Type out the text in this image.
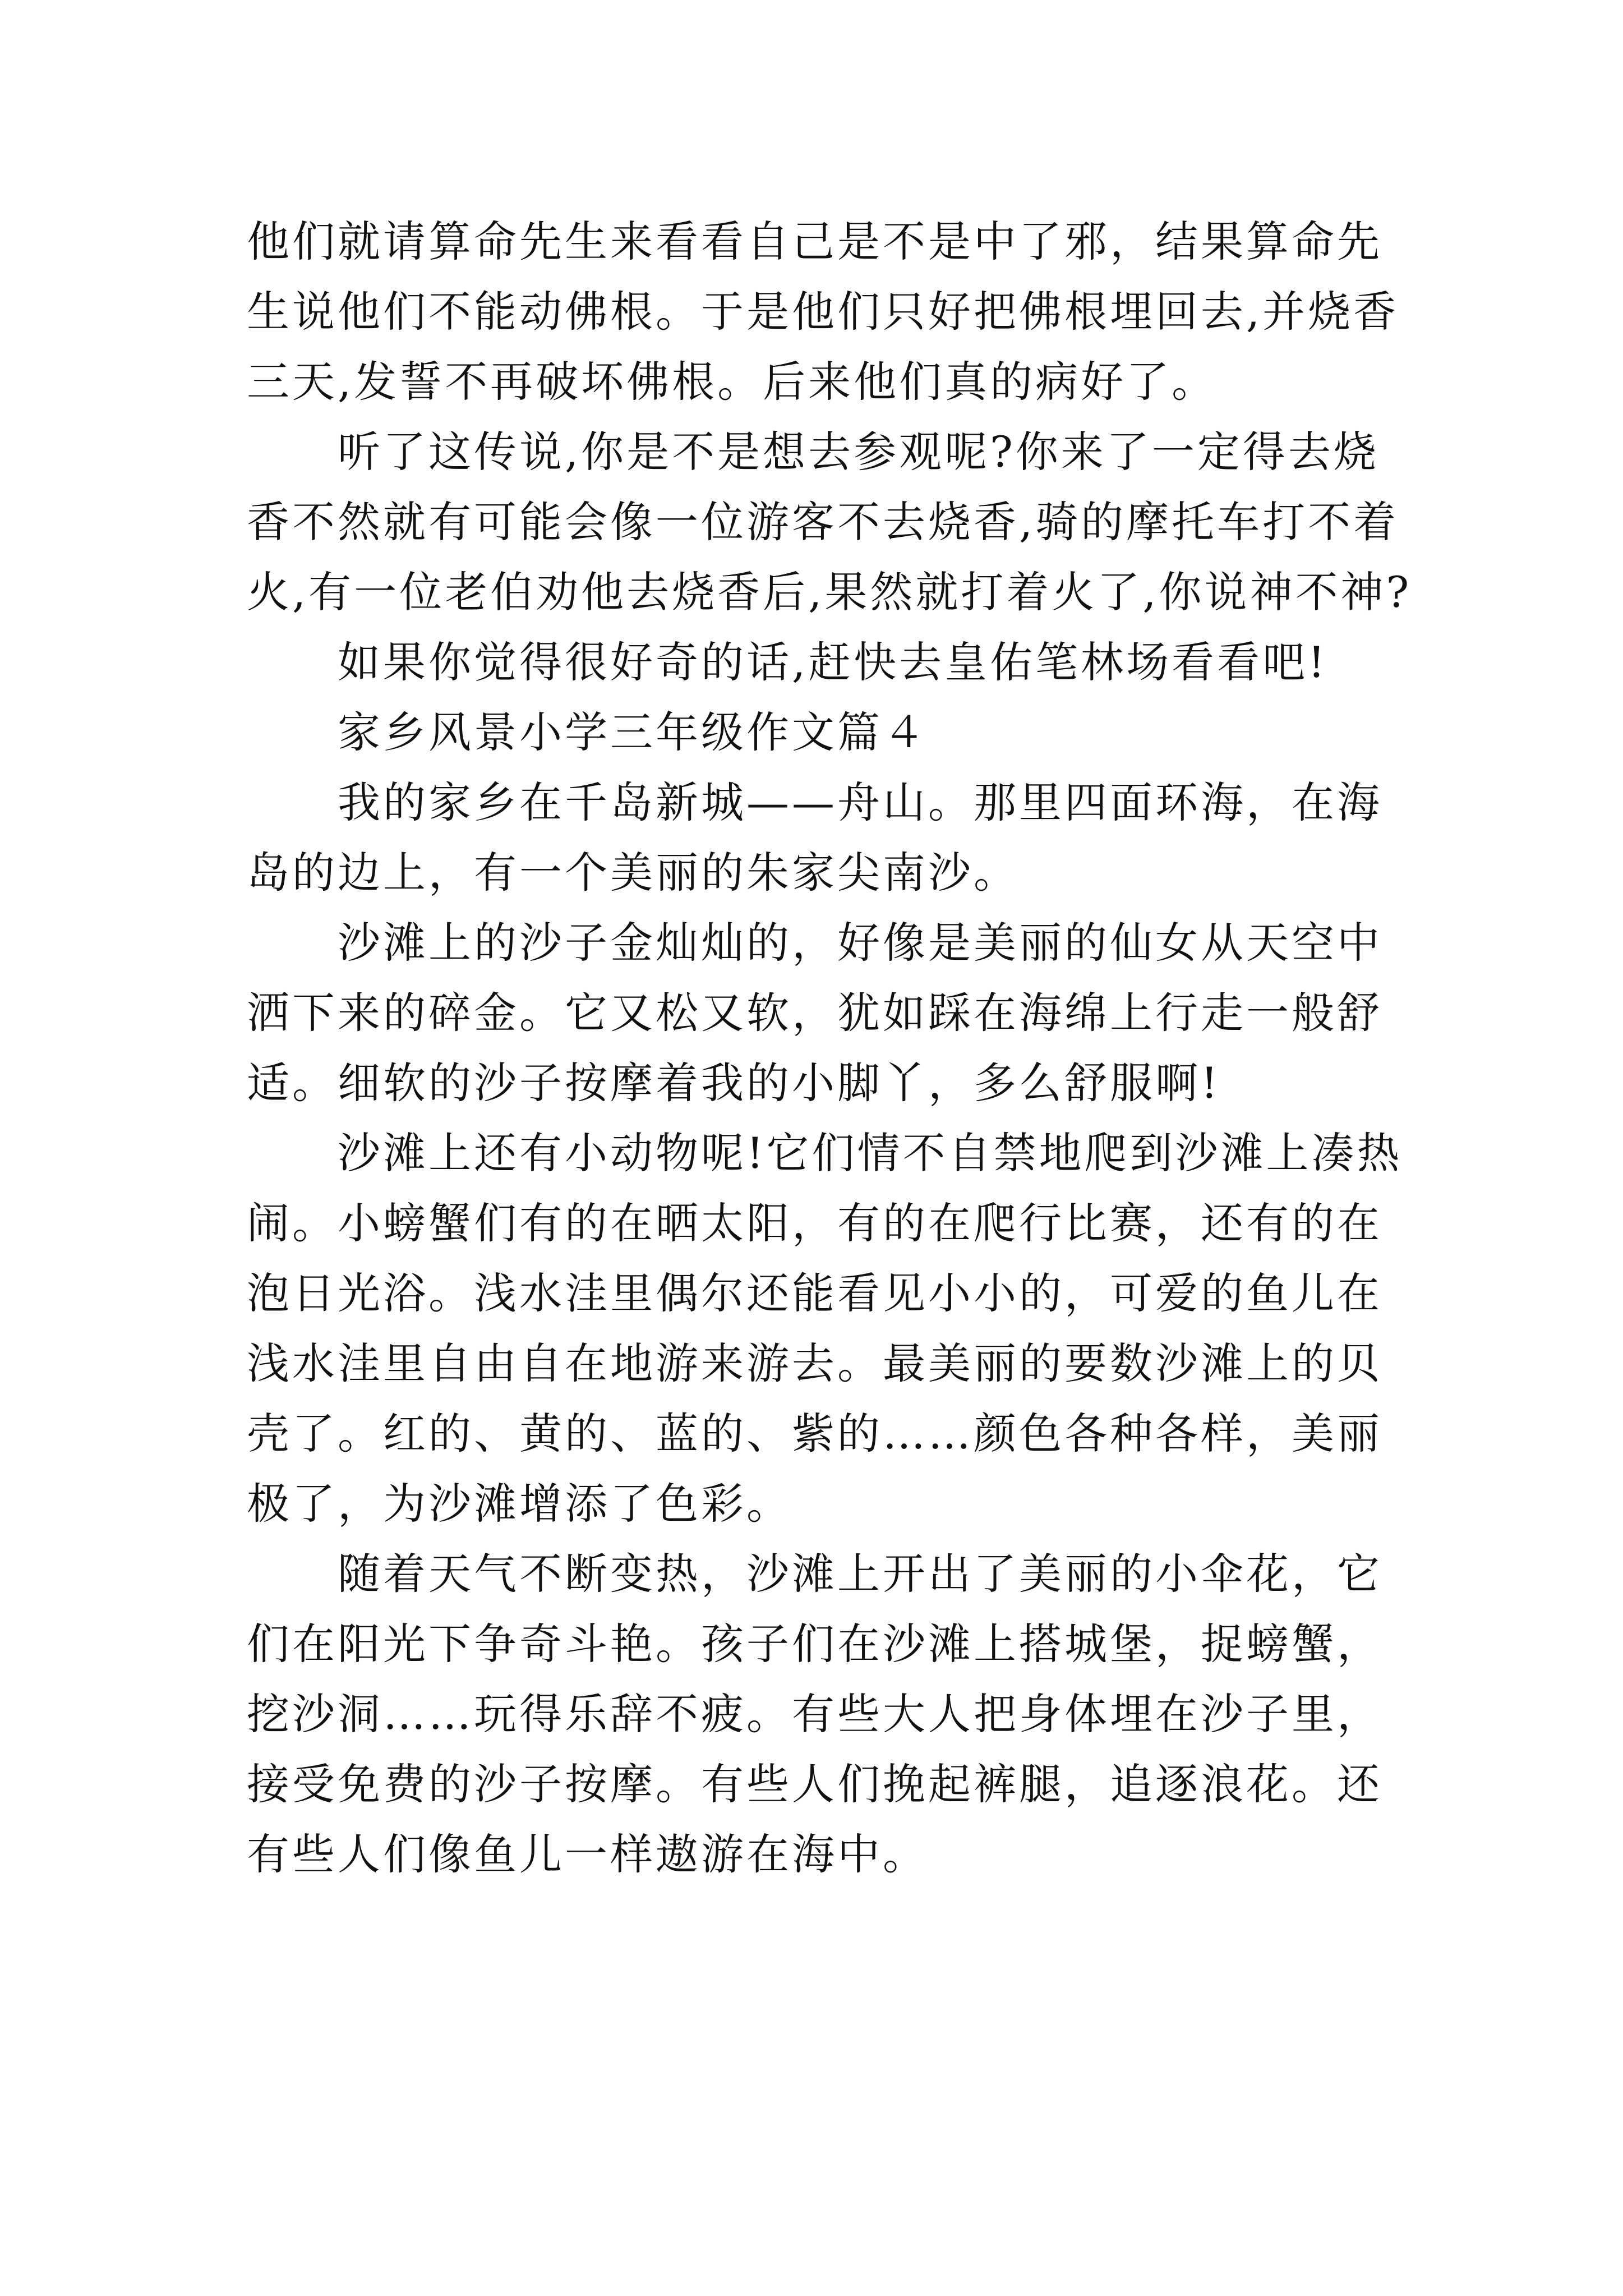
他们就请算命先生来看看自己是不是中了邪，结果算命先生说他们不能动佛根。于是他们只好把佛根埋回去,并烧香三天,发誓不再破坏佛根。后来他们真的病好了。

听了这传说,你是不是想去参观呢?你来了一定得去烧香不然就有可能会像一位游客不去烧香,骑的摩托车打不着火,有一位老伯劝他去烧香后,果然就打着火了,你说神不神?

如果你觉得很好奇的话,赶快去皇佑笔林场看看吧!

家乡风景小学三年级作文篇４

我的家乡在千岛新城——舟山。那里四面环海，在海岛的边上，有一个美丽的朱家尖南沙。

沙滩上的沙子金灿灿的，好像是美丽的仙女从天空中洒下来的碎金。它又松又软，犹如踩在海绵上行走一般舒适。细软的沙子按摩着我的小脚丫，多么舒服啊!

沙滩上还有小动物呢!它们情不自禁地爬到沙滩上凑热闹。小螃蟹们有的在晒太阳，有的在爬行比赛，还有的在泡日光浴。浅水洼里偶尔还能看见小小的，可爱的鱼儿在浅水洼里自由自在地游来游去。最美丽的要数沙滩上的贝壳了。红的、黄的、蓝的、紫的……颜色各种各样，美丽极了，为沙滩增添了色彩。

随着天气不断变热，沙滩上开出了美丽的小伞花，它们在阳光下争奇斗艳。孩子们在沙滩上搭城堡，捉螃蟹，挖沙洞……玩得乐辞不疲。有些大人把身体埋在沙子里，接受免费的沙子按摩。有些人们挽起裤腿，追逐浪花。还有些人们像鱼儿一样遨游在海中。
